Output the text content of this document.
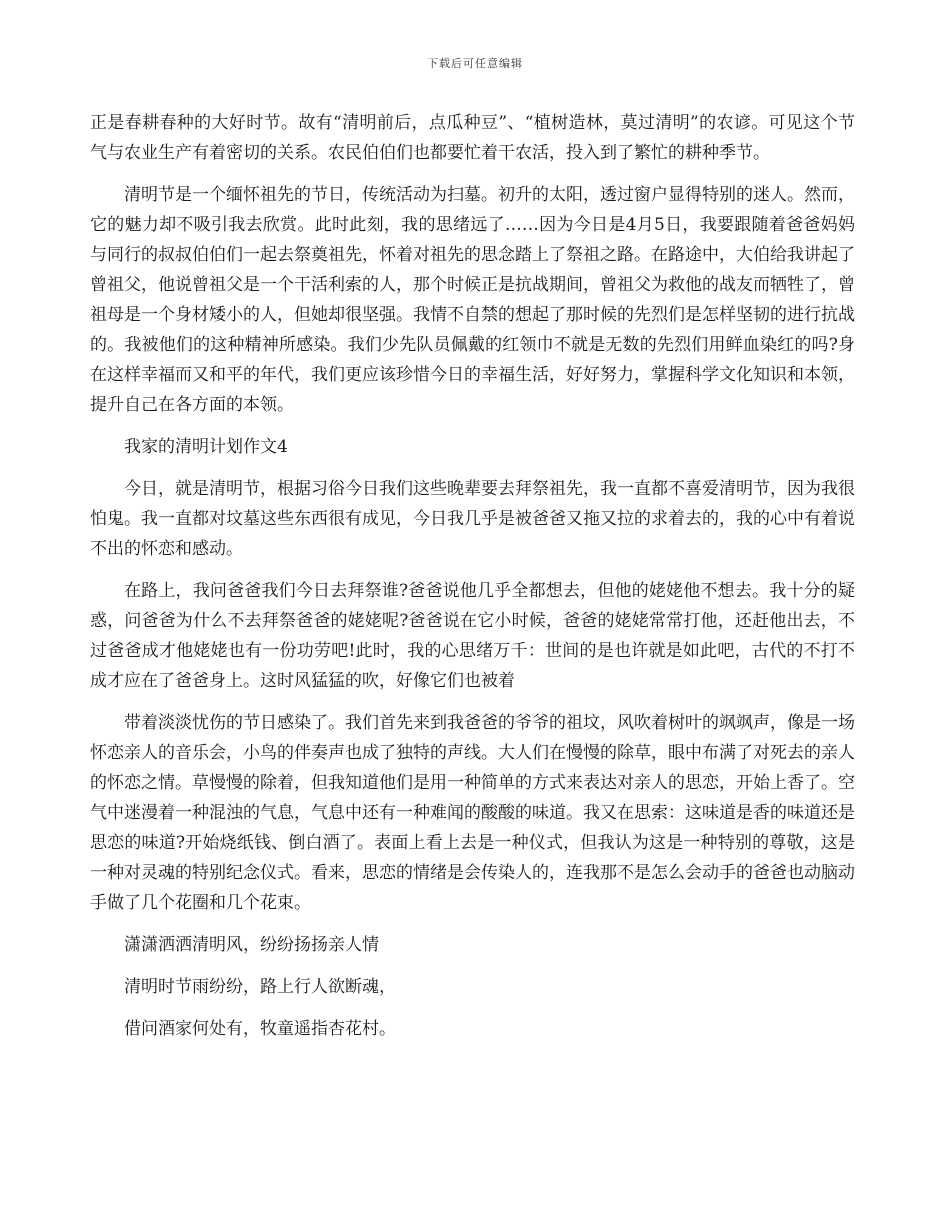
下载后可任意编辑

正是春耕春种的大好时节。故有“清明前后，点瓜种豆”、“植树造林，莫过清明”的农谚。可见这个节气与农业生产有着密切的关系。农民伯伯们也都要忙着干农活，投入到了繁忙的耕种季节。

清明节是一个缅怀祖先的节日，传统活动为扫墓。初升的太阳，透过窗户显得特别的迷人。然而，它的魅力却不吸引我去欣赏。此时此刻，我的思绪远了……因为今日是4月5日，我要跟随着爸爸妈妈与同行的叔叔伯伯们一起去祭奠祖先，怀着对祖先的思念踏上了祭祖之路。在路途中，大伯给我讲起了曾祖父，他说曾祖父是一个干活利索的人，那个时候正是抗战期间，曾祖父为救他的战友而牺牲了，曾祖母是一个身材矮小的人，但她却很坚强。我情不自禁的想起了那时候的先烈们是怎样坚韧的进行抗战的。我被他们的这种精神所感染。我们少先队员佩戴的红领巾不就是无数的先烈们用鲜血染红的吗?身在这样幸福而又和平的年代，我们更应该珍惜今日的幸福生活，好好努力，掌握科学文化知识和本领，提升自己在各方面的本领。

我家的清明计划作文4

今日，就是清明节，根据习俗今日我们这些晚辈要去拜祭祖先，我一直都不喜爱清明节，因为我很怕鬼。我一直都对坟墓这些东西很有成见，今日我几乎是被爸爸又拖又拉的求着去的，我的心中有着说不出的怀恋和感动。

在路上，我问爸爸我们今日去拜祭谁?爸爸说他几乎全都想去，但他的姥姥他不想去。我十分的疑惑，问爸爸为什么不去拜祭爸爸的姥姥呢?爸爸说在它小时候，爸爸的姥姥常常打他，还赶他出去，不过爸爸成才他姥姥也有一份功劳吧!此时，我的心思绪万千：世间的是也许就是如此吧，古代的不打不成才应在了爸爸身上。这时风猛猛的吹，好像它们也被着

带着淡淡忧伤的节日感染了。我们首先来到我爸爸的爷爷的祖坟，风吹着树叶的飒飒声，像是一场怀恋亲人的音乐会，小鸟的伴奏声也成了独特的声线。大人们在慢慢的除草，眼中布满了对死去的亲人的怀恋之情。草慢慢的除着，但我知道他们是用一种简单的方式来表达对亲人的思恋，开始上香了。空气中迷漫着一种混浊的气息，气息中还有一种难闻的酸酸的味道。我又在思索：这味道是香的味道还是思恋的味道?开始烧纸钱、倒白酒了。表面上看上去是一种仪式，但我认为这是一种特别的尊敬，这是一种对灵魂的特别纪念仪式。看来，思恋的情绪是会传染人的，连我那不是怎么会动手的爸爸也动脑动手做了几个花圈和几个花束。

潇潇洒洒清明风，纷纷扬扬亲人情

清明时节雨纷纷，路上行人欲断魂，

借问酒家何处有，牧童遥指杏花村。
